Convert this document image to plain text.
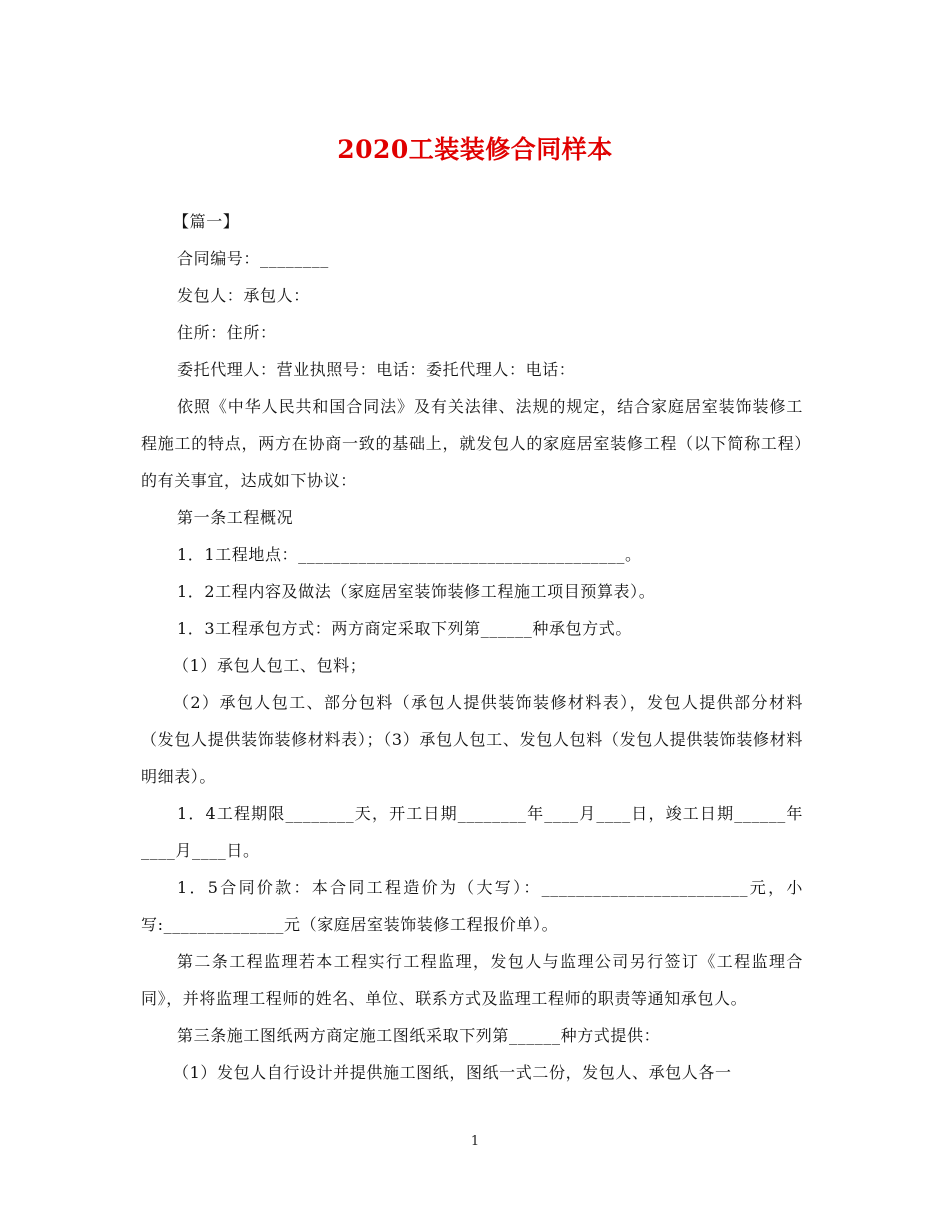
2020工装装修合同样本

【篇一】

合同编号：________

发包人：承包人：

住所：住所：

委托代理人：营业执照号：电话：委托代理人：电话：

依照《中华人民共和国合同法》及有关法律、法规的规定，结合家庭居室装饰装修工程施工的特点，两方在协商一致的基础上，就发包人的家庭居室装修工程（以下简称工程）的有关事宜，达成如下协议：

第一条工程概况

1．1工程地点：______________________________________。

1．2工程内容及做法（家庭居室装饰装修工程施工项目预算表）。

1．3工程承包方式：两方商定采取下列第______种承包方式。

（1）承包人包工、包料；

（2）承包人包工、部分包料（承包人提供装饰装修材料表），发包人提供部分材料（发包人提供装饰装修材料表）；（3）承包人包工、发包人包料（发包人提供装饰装修材料明细表）。

1．4工程期限________天，开工日期________年____月____日，竣工日期______年____月____日。

1．5合同价款：本合同工程造价为（大写）：________________________元，小写:______________元（家庭居室装饰装修工程报价单）。

第二条工程监理若本工程实行工程监理，发包人与监理公司另行签订《工程监理合同》，并将监理工程师的姓名、单位、联系方式及监理工程师的职责等通知承包人。

第三条施工图纸两方商定施工图纸采取下列第______种方式提供：

（1）发包人自行设计并提供施工图纸，图纸一式二份，发包人、承包人各一

1
